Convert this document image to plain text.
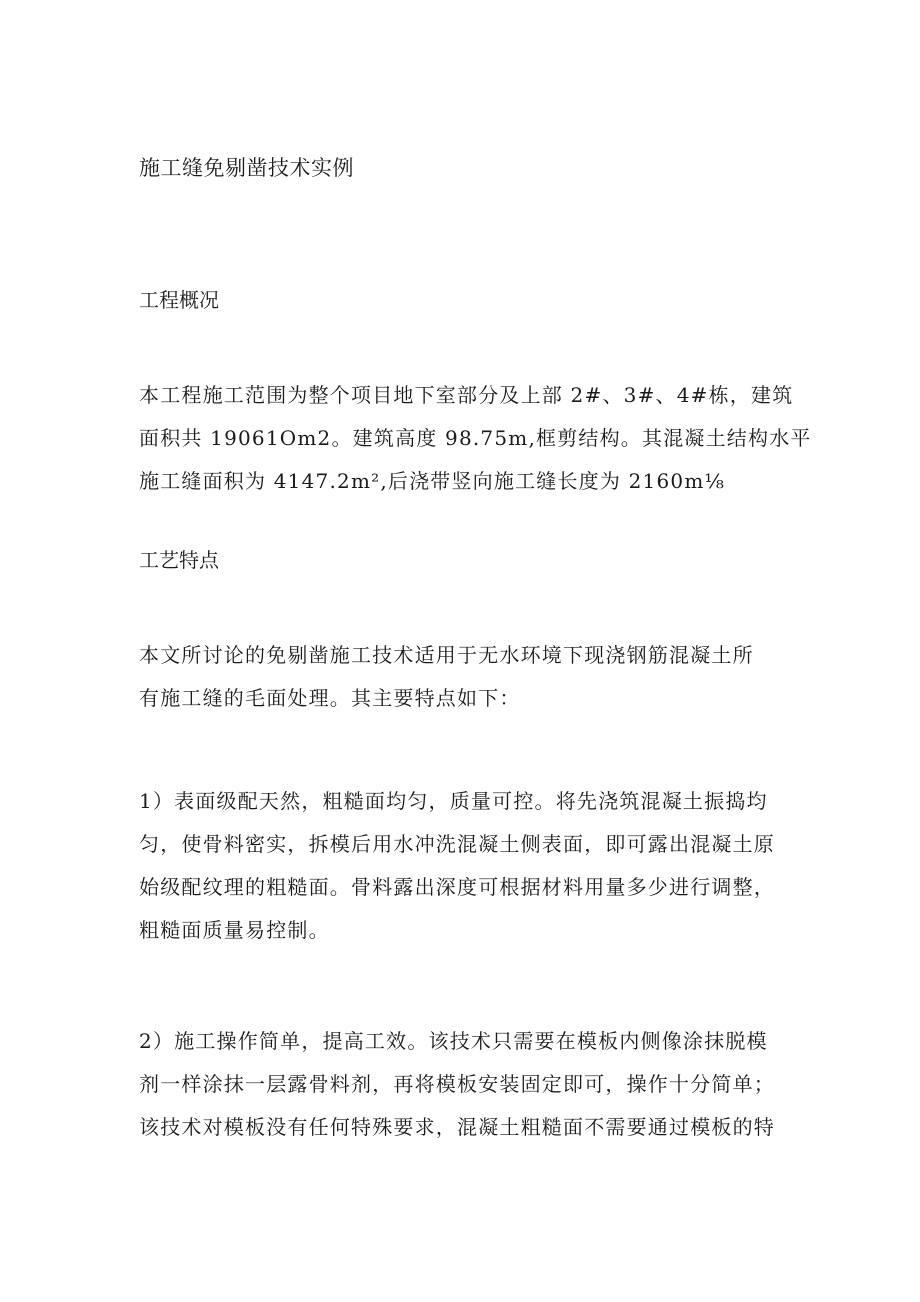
施工缝免剔凿技术实例
工程概况
本工程施工范围为整个项目地下室部分及上部 2#、3#、4#栋，建筑
面积共 19061Om2。建筑高度 98.75m,框剪结构。其混凝土结构水平
施工缝面积为 4147.2m²,后浇带竖向施工缝长度为 2160m⅛
工艺特点
本文所讨论的免剔凿施工技术适用于无水环境下现浇钢筋混凝土所
有施工缝的毛面处理。其主要特点如下：
1）表面级配天然，粗糙面均匀，质量可控。将先浇筑混凝土振捣均
匀，使骨料密实，拆模后用水冲洗混凝土侧表面，即可露出混凝土原
始级配纹理的粗糙面。骨料露出深度可根据材料用量多少进行调整，
粗糙面质量易控制。
2）施工操作简单，提高工效。该技术只需要在模板内侧像涂抹脱模
剂一样涂抹一层露骨料剂，再将模板安装固定即可，操作十分简单；
该技术对模板没有任何特殊要求，混凝土粗糙面不需要通过模板的特
